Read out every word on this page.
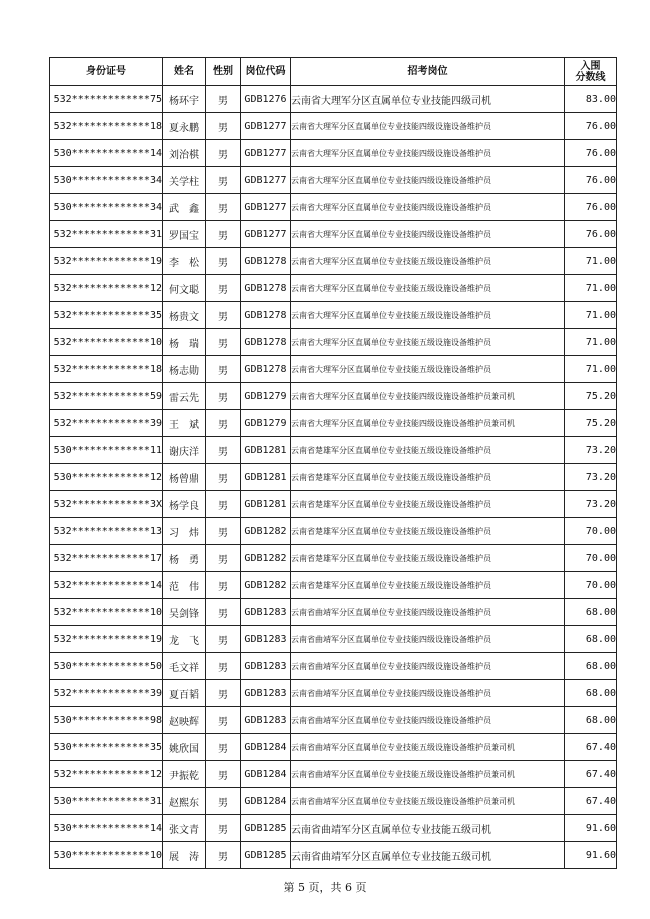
身份证号	姓名	性别	岗位代码	招考岗位	入围
分数线
532*************75	杨环宇	男	GDB1276	云南省大理军分区直属单位专业技能四级司机	83.00
532*************18	夏永鹏	男	GDB1277	云南省大理军分区直属单位专业技能四级设施设备维护员	76.00
530*************14	刘治棋	男	GDB1277	云南省大理军分区直属单位专业技能四级设施设备维护员	76.00
530*************34	关学柱	男	GDB1277	云南省大理军分区直属单位专业技能四级设施设备维护员	76.00
530*************34	武　鑫	男	GDB1277	云南省大理军分区直属单位专业技能四级设施设备维护员	76.00
532*************31	罗国宝	男	GDB1277	云南省大理军分区直属单位专业技能四级设施设备维护员	76.00
532*************19	李　松	男	GDB1278	云南省大理军分区直属单位专业技能五级设施设备维护员	71.00
532*************12	何文聪	男	GDB1278	云南省大理军分区直属单位专业技能五级设施设备维护员	71.00
532*************35	杨贵文	男	GDB1278	云南省大理军分区直属单位专业技能五级设施设备维护员	71.00
532*************10	杨　瑞	男	GDB1278	云南省大理军分区直属单位专业技能五级设施设备维护员	71.00
532*************18	杨志勋	男	GDB1278	云南省大理军分区直属单位专业技能五级设施设备维护员	71.00
532*************59	雷云先	男	GDB1279	云南省大理军分区直属单位专业技能四级设施设备维护员兼司机	75.20
532*************39	王　斌	男	GDB1279	云南省大理军分区直属单位专业技能四级设施设备维护员兼司机	75.20
530*************11	谢庆洋	男	GDB1281	云南省楚雄军分区直属单位专业技能五级设施设备维护员	73.20
530*************12	杨曾鼎	男	GDB1281	云南省楚雄军分区直属单位专业技能五级设施设备维护员	73.20
532*************3X	杨学良	男	GDB1281	云南省楚雄军分区直属单位专业技能五级设施设备维护员	73.20
532*************13	习　炜	男	GDB1282	云南省楚雄军分区直属单位专业技能五级设施设备维护员	70.00
532*************17	杨　勇	男	GDB1282	云南省楚雄军分区直属单位专业技能五级设施设备维护员	70.00
532*************14	范　伟	男	GDB1282	云南省楚雄军分区直属单位专业技能五级设施设备维护员	70.00
532*************10	吴剑锋	男	GDB1283	云南省曲靖军分区直属单位专业技能四级设施设备维护员	68.00
532*************19	龙　飞	男	GDB1283	云南省曲靖军分区直属单位专业技能四级设施设备维护员	68.00
530*************50	毛文祥	男	GDB1283	云南省曲靖军分区直属单位专业技能四级设施设备维护员	68.00
532*************39	夏百韬	男	GDB1283	云南省曲靖军分区直属单位专业技能四级设施设备维护员	68.00
530*************98	赵映辉	男	GDB1283	云南省曲靖军分区直属单位专业技能四级设施设备维护员	68.00
530*************35	姚欣国	男	GDB1284	云南省曲靖军分区直属单位专业技能五级设施设备维护员兼司机	67.40
532*************12	尹振乾	男	GDB1284	云南省曲靖军分区直属单位专业技能五级设施设备维护员兼司机	67.40
530*************31	赵熙东	男	GDB1284	云南省曲靖军分区直属单位专业技能五级设施设备维护员兼司机	67.40
530*************14	张文青	男	GDB1285	云南省曲靖军分区直属单位专业技能五级司机	91.60
530*************10	展　涛	男	GDB1285	云南省曲靖军分区直属单位专业技能五级司机	91.60
第 5 页，共 6 页
